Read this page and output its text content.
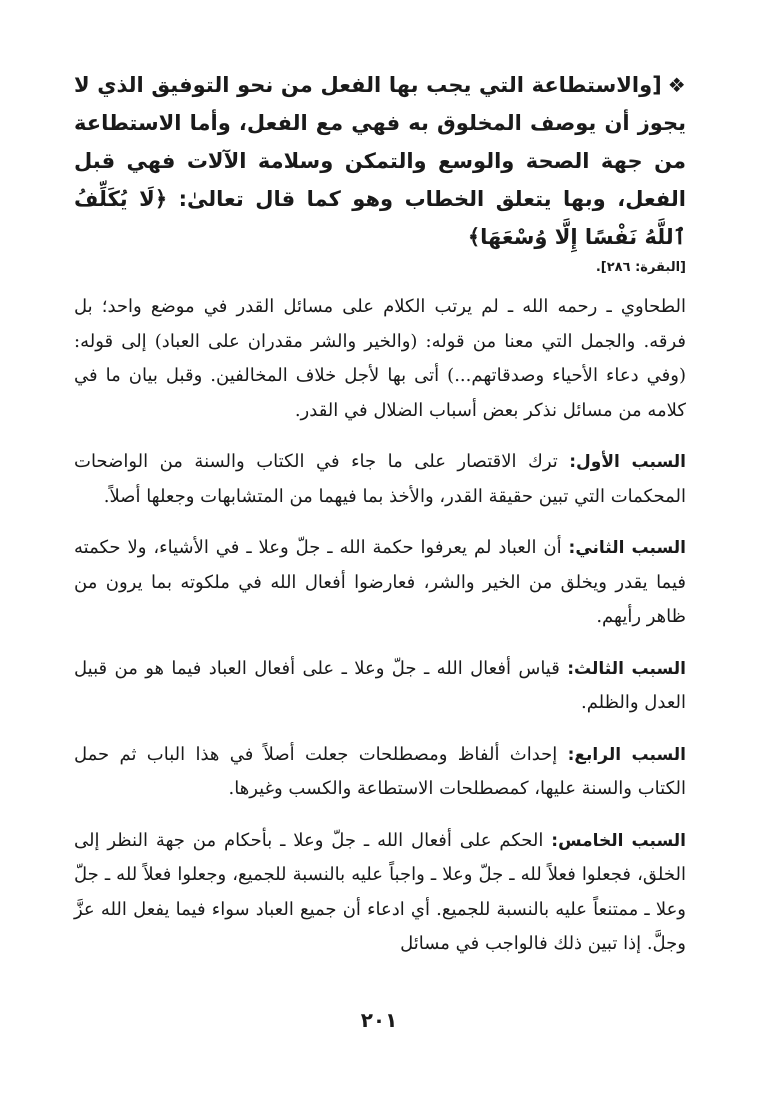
❖[والاستطاعة التي يجب بها الفعل من نحو التوفيق الذي لا يجوز أن يوصف المخلوق به فهي مع الفعل، وأما الاستطاعة من جهة الصحة والوسع والتمكن وسلامة الآلات فهي قبل الفعل، وبها يتعلق الخطاب وهو كما قال تعالىٰ: ﴿لَا يُكَلِّفُ ٱللَّهُ نَفْسًا إِلَّا وُسْعَهَا﴾

[البقرة: ٢٨٦].

الطحاوي ـ رحمه الله ـ لم يرتب الكلام على مسائل القدر في موضع واحد؛ بل فرقه. والجمل التي معنا من قوله: (والخير والشر مقدران على العباد) إلى قوله: (وفي دعاء الأحياء وصدقاتهم...) أتى بها لأجل خلاف المخالفين. وقبل بيان ما في كلامه من مسائل نذكر بعض أسباب الضلال في القدر.

السبب الأول: ترك الاقتصار على ما جاء في الكتاب والسنة من الواضحات المحكمات التي تبين حقيقة القدر، والأخذ بما فيهما من المتشابهات وجعلها أصلاً.

السبب الثاني: أن العباد لم يعرفوا حكمة الله ـ جلّ وعلا ـ في الأشياء، ولا حكمته فيما يقدر ويخلق من الخير والشر، فعارضوا أفعال الله في ملكوته بما يرون من ظاهر رأيهم.

السبب الثالث: قياس أفعال الله ـ جلّ وعلا ـ على أفعال العباد فيما هو من قبيل العدل والظلم.

السبب الرابع: إحداث ألفاظ ومصطلحات جعلت أصلاً في هذا الباب ثم حمل الكتاب والسنة عليها، كمصطلحات الاستطاعة والكسب وغيرها.

السبب الخامس: الحكم على أفعال الله ـ جلّ وعلا ـ بأحكام من جهة النظر إلى الخلق، فجعلوا فعلاً لله ـ جلّ وعلا ـ واجباً عليه بالنسبة للجميع، وجعلوا فعلاً لله ـ جلّ وعلا ـ ممتنعاً عليه بالنسبة للجميع. أي ادعاء أن جميع العباد سواء فيما يفعل الله عزَّ وجلَّ. إذا تبين ذلك فالواجب في مسائل

٢٠١
